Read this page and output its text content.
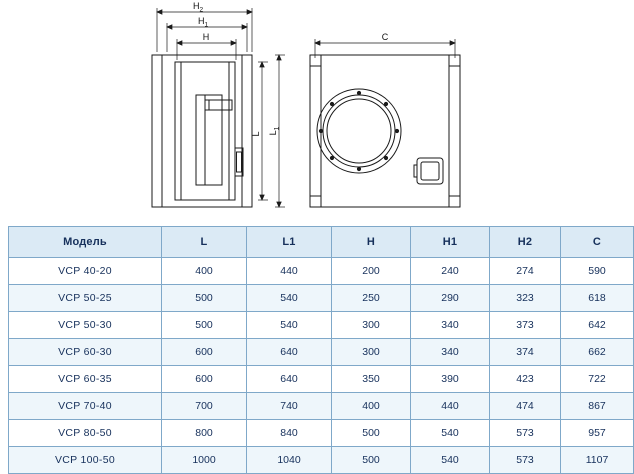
$H_2$
$H_1$
H
L $L_1$
C
Модель	L	L1	H	H1	H2	C
VCP 40-20	400	440	200	240	274	590
VCP 50-25	500	540	250	290	323	618
VCP 50-30	500	540	300	340	373	642
VCP 60-30	600	640	300	340	374	662
VCP 60-35	600	640	350	390	423	722
VCP 70-40	700	740	400	440	474	867
VCP 80-50	800	840	500	540	573	957
VCP 100-50	1000	1040	500	540	573	1107
